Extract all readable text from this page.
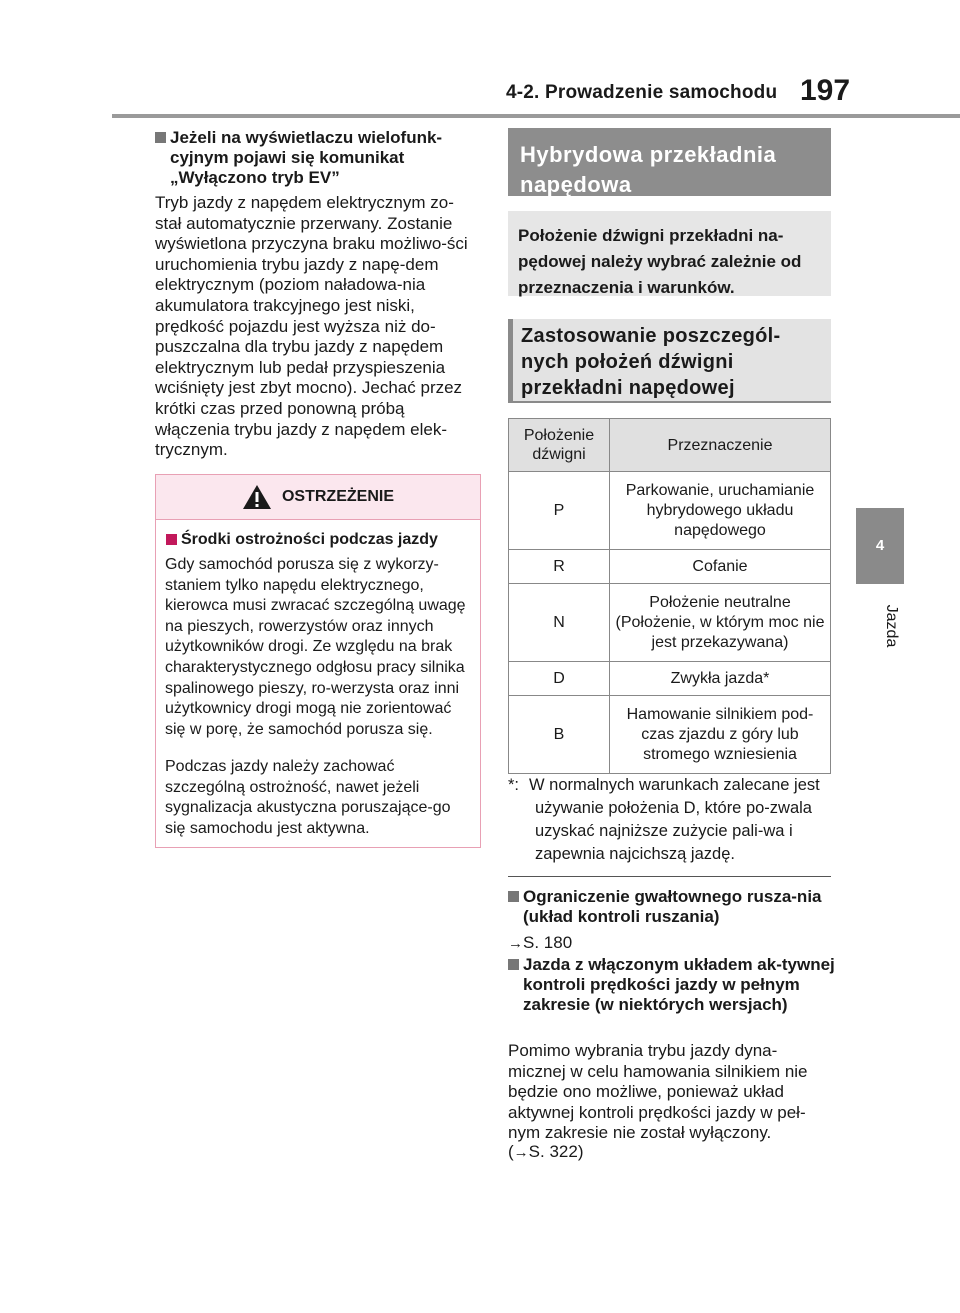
4-2. Prowadzenie samochodu 197
4
Jazda
Jeżeli na wyświetlaczu wielofunk-cyjnym pojawi się komunikat „Wyłączono tryb EV”
Tryb jazdy z napędem elektrycznym zo-stał automatycznie przerwany. Zostanie wyświetlona przyczyna braku możliwo-ści uruchomienia trybu jazdy z napę-dem elektrycznym (poziom naładowa-nia akumulatora trakcyjnego jest niski, prędkość pojazdu jest wyższa niż do-puszczalna dla trybu jazdy z napędem elektrycznym lub pedał przyspieszenia wciśnięty jest zbyt mocno). Jechać przez krótki czas przed ponowną próbą włączenia trybu jazdy z napędem elek-trycznym.
OSTRZEŻENIE
Środki ostrożności podczas jazdy
Gdy samochód porusza się z wykorzy-staniem tylko napędu elektrycznego, kierowca musi zwracać szczególną uwagę na pieszych, rowerzystów oraz innych użytkowników drogi. Ze względu na brak charakterystycznego odgłosu pracy silnika spalinowego pieszy, ro-werzysta oraz inni użytkownicy drogi mogą nie zorientować się w porę, że samochód porusza się.
Podczas jazdy należy zachować szczególną ostrożność, nawet jeżeli sygnalizacja akustyczna poruszające-go się samochodu jest aktywna.
Hybrydowa przekładnia napędowa
Położenie dźwigni przekładni na-pędowej należy wybrać zależnie od przeznaczenia i warunków.
Zastosowanie poszczegól-nych położeń dźwigni przekładni napędowej
Położenie dźwigni	Przeznaczenie
P	Parkowanie, uruchamianie hybrydowego układu napędowego
R	Cofanie
N	Położenie neutralne (Położenie, w którym moc nie jest przekazywana)
D	Zwykła jazda*
B	Hamowanie silnikiem pod-czas zjazdu z góry lub stromego wzniesienia
*: W normalnych warunkach zalecane jest używanie położenia D, które po-zwala uzyskać najniższe zużycie pali-wa i zapewnia najcichszą jazdę.
Ograniczenie gwałtownego rusza-nia (układ kontroli ruszania)
→S. 180
Jazda z włączonym układem ak-tywnej kontroli prędkości jazdy w pełnym zakresie (w niektórych wersjach)
Pomimo wybrania trybu jazdy dyna-micznej w celu hamowania silnikiem nie będzie ono możliwe, ponieważ układ aktywnej kontroli prędkości jazdy w peł-nym zakresie nie został wyłączony.
(→S. 322)
